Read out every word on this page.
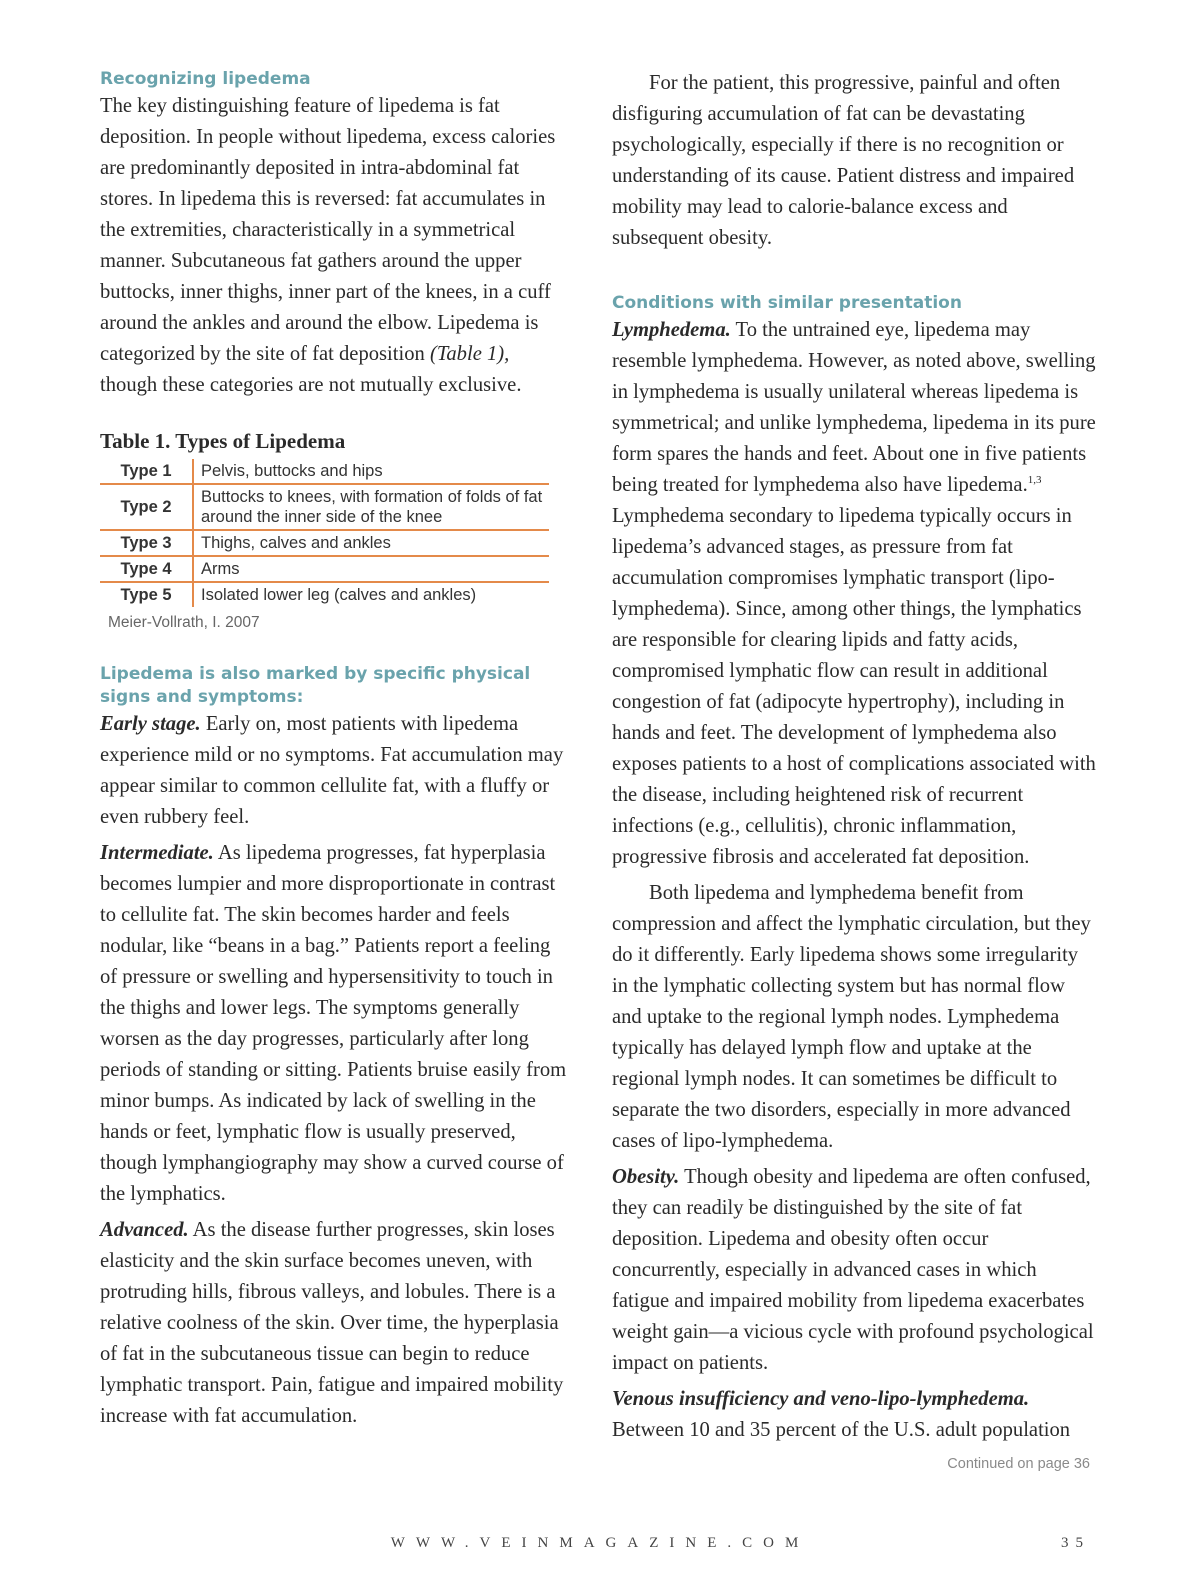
Recognizing lipedema

The key distinguishing feature of lipedema is fat deposition. In people without lipedema, excess calories are predominantly deposited in intra-abdominal fat stores. In lipedema this is reversed: fat accumulates in the extremities, characteristically in a symmetrical manner. Subcutaneous fat gathers around the upper buttocks, inner thighs, inner part of the knees, in a cuff around the ankles and around the elbow. Lipedema is categorized by the site of fat deposition (Table 1), though these categories are not mutually exclusive.

Table 1. Types of Lipedema
Type 1	Pelvis, buttocks and hips
Type 2	Buttocks to knees, with formation of folds of fat around the inner side of the knee
Type 3	Thighs, calves and ankles
Type 4	Arms
Type 5	Isolated lower leg (calves and ankles)
Meier-Vollrath, I. 2007
Lipedema is also marked by specific physical signs and symptoms:

Early stage. Early on, most patients with lipedema experience mild or no symptoms. Fat accumulation may appear similar to common cellulite fat, with a fluffy or even rubbery feel.

Intermediate. As lipedema progresses, fat hyperplasia becomes lumpier and more disproportionate in contrast to cellulite fat. The skin becomes harder and feels nodular, like “beans in a bag.” Patients report a feeling of pressure or swelling and hypersensitivity to touch in the thighs and lower legs. The symptoms generally worsen as the day progresses, particularly after long periods of standing or sitting. Patients bruise easily from minor bumps. As indicated by lack of swelling in the hands or feet, lymphatic flow is usually preserved, though lymphangiography may show a curved course of the lymphatics.

Advanced. As the disease further progresses, skin loses elasticity and the skin surface becomes uneven, with protruding hills, fibrous valleys, and lobules. There is a relative coolness of the skin. Over time, the hyperplasia of fat in the subcutaneous tissue can begin to reduce lymphatic transport. Pain, fatigue and impaired mobility increase with fat accumulation.

For the patient, this progressive, painful and often disfiguring accumulation of fat can be devastating psychologically, especially if there is no recognition or understanding of its cause. Patient distress and impaired mobility may lead to calorie-balance excess and subsequent obesity.

Conditions with similar presentation

Lymphedema. To the untrained eye, lipedema may resemble lymphedema. However, as noted above, swelling in lymphedema is usually unilateral whereas lipedema is symmetrical; and unlike lymphedema, lipedema in its pure form spares the hands and feet. About one in five patients being treated for lymphedema also have lipedema.$^{1,3}$ Lymphedema secondary to lipedema typically occurs in lipedema’s advanced stages, as pressure from fat accumulation compromises lymphatic transport (lipo-lymphedema). Since, among other things, the lymphatics are responsible for clearing lipids and fatty acids, compromised lymphatic flow can result in additional congestion of fat (adipocyte hypertrophy), including in hands and feet. The development of lymphedema also exposes patients to a host of complications associated with the disease, including heightened risk of recurrent infections (e.g., cellulitis), chronic inflammation, progressive fibrosis and accelerated fat deposition.

Both lipedema and lymphedema benefit from compression and affect the lymphatic circulation, but they do it differently. Early lipedema shows some irregularity in the lymphatic collecting system but has normal flow and uptake to the regional lymph nodes. Lymphedema typically has delayed lymph flow and uptake at the regional lymph nodes. It can sometimes be difficult to separate the two disorders, especially in more advanced cases of lipo-lymphedema.

Obesity. Though obesity and lipedema are often confused, they can readily be distinguished by the site of fat deposition. Lipedema and obesity often occur concurrently, especially in advanced cases in which fatigue and impaired mobility from lipedema exacerbates weight gain—a vicious cycle with profound psychological impact on patients.

Venous insufficiency and veno-lipo-lymphedema.
Between 10 and 35 percent of the U.S. adult population

Continued on page 36
WWW.VEINMAGAZINE.COM	35
